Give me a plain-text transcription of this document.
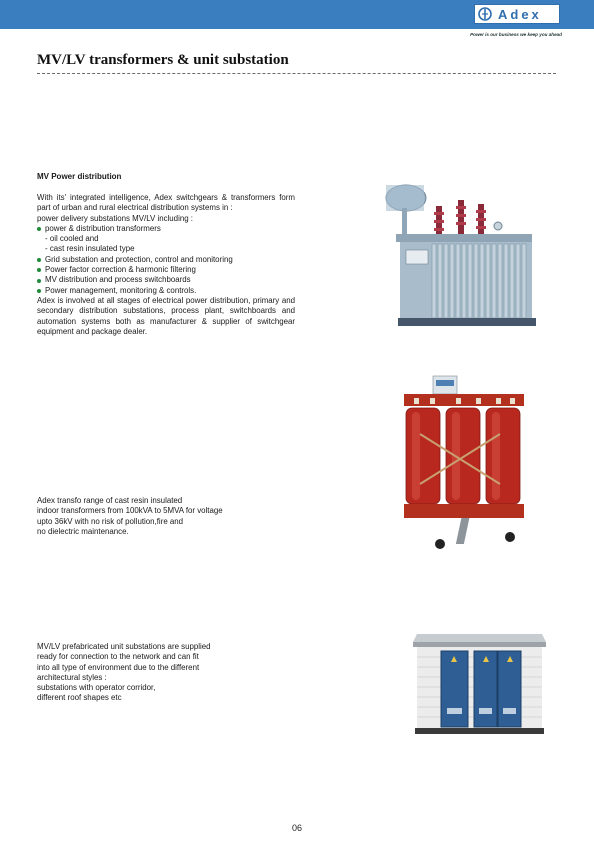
Adex
Power is our business we keep you ahead
MV/LV transformers & unit substation
MV Power distribution

With its' integrated intelligence, Adex switchgears & transformers form part of urban and rural electrical distribution systems in :

power delivery substations MV/LV including :

power & distribution transformers
- oil cooled and
- cast resin insulated type
Grid substation and protection, control and monitoring
Power factor correction & harmonic filtering
MV distribution and process switchboards
Power management, monitoring & controls.

Adex is involved at all stages of electrical power distribution, primary and secondary distribution substations, process plant, switchboards and automation systems both as manufacturer & supplier of switchgear equipment and package dealer.

Adex transfo range of cast resin insulated

indoor transformers from 100kVA to 5MVA for voltage

upto 36kV with no risk of pollution,fire and

no dielectric maintenance.

MV/LV prefabricated unit substations are supplied

ready for connection to the network and can fit

into all type of environment due to the different

architectural styles :

substations with operator corridor,

different roof shapes etc

06
